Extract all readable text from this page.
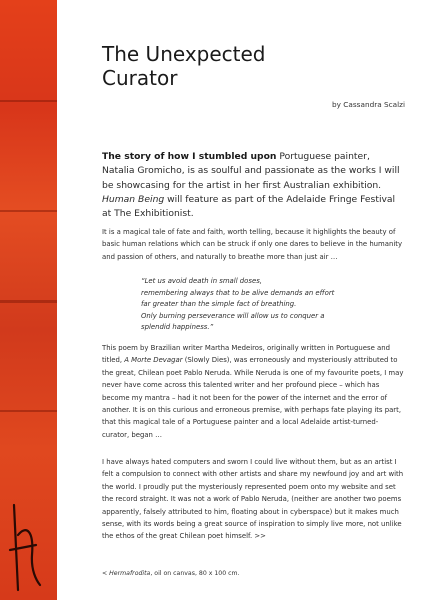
The Unexpected
Curator
by Cassandra Scalzi

The story of how I stumbled upon Portuguese painter, Natalia Gromicho, is as soulful and passionate as the works I will be showcasing for the artist in her first Australian exhibition. Human Being will feature as part of the Adelaide Fringe Festival at The Exhibitionist.

It is a magical tale of fate and faith, worth telling, because it highlights the beauty of basic human relations which can be struck if only one dares to believe in the humanity and passion of others, and naturally to breathe more than just air …

“Let us avoid death in small doses,
remembering always that to be alive demands an effort
far greater than the simple fact of breathing.
Only burning perseverance will allow us to conquer a
splendid happiness.”

This poem by Brazilian writer Martha Medeiros, originally written in Portuguese and titled, A Morte Devagar (Slowly Dies), was erroneously and mysteriously attributed to the great, Chilean poet Pablo Neruda. While Neruda is one of my favourite poets, I may never have come across this talented writer and her profound piece – which has become my mantra – had it not been for the power of the internet and the error of another. It is on this curious and erroneous premise, with perhaps fate playing its part, that this magical tale of a Portuguese painter and a local Adelaide artist-turned-curator, began …

I have always hated computers and sworn I could live without them, but as an artist I felt a compulsion to connect with other artists and share my newfound joy and art with the world. I proudly put the mysteriously represented poem onto my website and set the record straight. It was not a work of Pablo Neruda, (neither are another two poems apparently, falsely attributed to him, floating about in cyberspace) but it makes much sense, with its words being a great source of inspiration to simply live more, not unlike the ethos of the great Chilean poet himself. >>

< Hermafrodita, oil on canvas, 80 x 100 cm.
